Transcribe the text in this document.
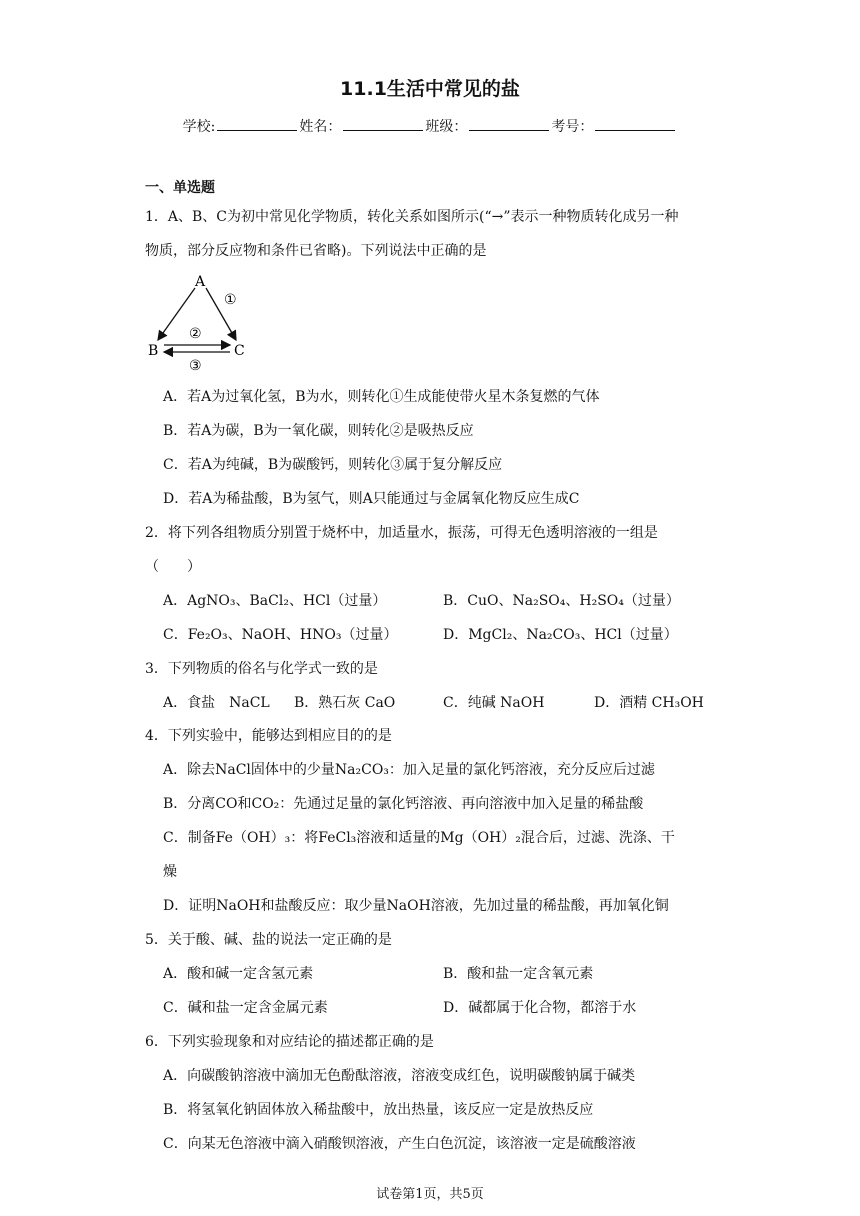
11.1生活中常见的盐
学校:	姓名：	班级：	考号：
一、单选题
1．A、B、C为初中常见化学物质，转化关系如图所示(“→”表示一种物质转化成另一种
物质，部分反应物和条件已省略)。下列说法中正确的是
A
B	C
①
②
③
A．若A为过氧化氢，B为水，则转化①生成能使带火星木条复燃的气体
B．若A为碳，B为一氧化碳，则转化②是吸热反应
C．若A为纯碱，B为碳酸钙，则转化③属于复分解反应
D．若A为稀盐酸，B为氢气，则A只能通过与金属氧化物反应生成C
2．将下列各组物质分别置于烧杯中，加适量水，振荡，可得无色透明溶液的一组是
（　　）
A．AgNO₃、BaCl₂、HCl（过量）	B．CuO、Na₂SO₄、H₂SO₄（过量）
C．Fe₂O₃、NaOH、HNO₃（过量）	D．MgCl₂、Na₂CO₃、HCl（过量）
3．下列物质的俗名与化学式一致的是
A．食盐　NaCL B．熟石灰 CaO	C．纯碱 NaOH	D．酒精 CH₃OH
4．下列实验中，能够达到相应目的的是
A．除去NaCl固体中的少量Na₂CO₃：加入足量的氯化钙溶液，充分反应后过滤
B．分离CO和CO₂：先通过足量的氯化钙溶液、再向溶液中加入足量的稀盐酸
C．制备Fe（OH）₃：将FeCl₃溶液和适量的Mg（OH）₂混合后，过滤、洗涤、干
燥
D．证明NaOH和盐酸反应：取少量NaOH溶液，先加过量的稀盐酸，再加氧化铜
5．关于酸、碱、盐的说法一定正确的是
A．酸和碱一定含氢元素	B．酸和盐一定含氧元素
C．碱和盐一定含金属元素	D．碱都属于化合物，都溶于水
6．下列实验现象和对应结论的描述都正确的是
A．向碳酸钠溶液中滴加无色酚酞溶液，溶液变成红色，说明碳酸钠属于碱类
B．将氢氧化钠固体放入稀盐酸中，放出热量，该反应一定是放热反应
C．向某无色溶液中滴入硝酸钡溶液，产生白色沉淀，该溶液一定是硫酸溶液
试卷第1页，共5页
